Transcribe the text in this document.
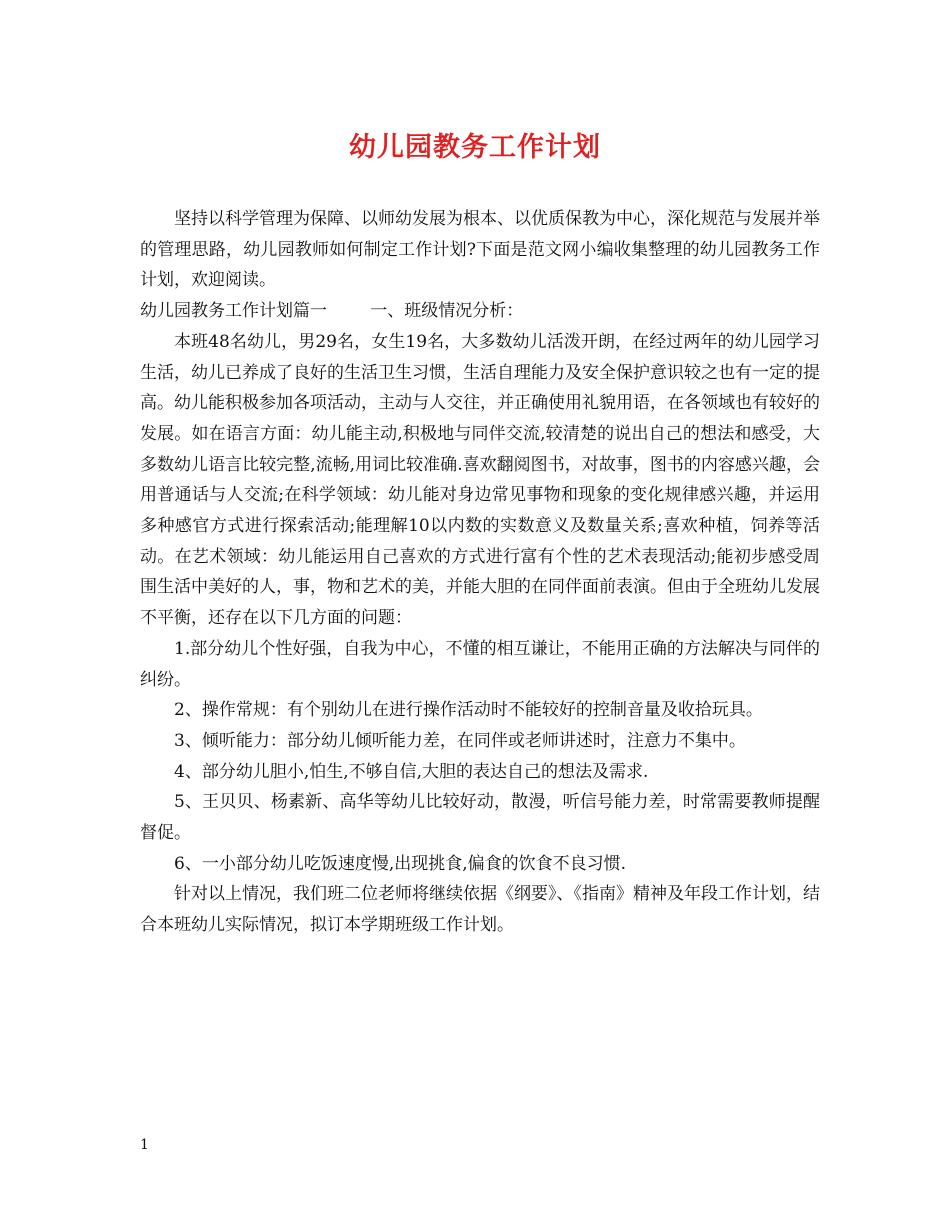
幼儿园教务工作计划

坚持以科学管理为保障、以师幼发展为根本、以优质保教为中心，深化规范与发展并举的管理思路，幼儿园教师如何制定工作计划?下面是范文网小编收集整理的幼儿园教务工作计划，欢迎阅读。

幼儿园教务工作计划篇一	一、班级情况分析：

本班48名幼儿，男29名，女生19名，大多数幼儿活泼开朗，在经过两年的幼儿园学习生活，幼儿已养成了良好的生活卫生习惯，生活自理能力及安全保护意识较之也有一定的提高。幼儿能积极参加各项活动，主动与人交往，并正确使用礼貌用语，在各领域也有较好的发展。如在语言方面：幼儿能主动,积极地与同伴交流,较清楚的说出自己的想法和感受，大多数幼儿语言比较完整,流畅,用词比较准确.喜欢翻阅图书，对故事，图书的内容感兴趣，会用普通话与人交流;在科学领域：幼儿能对身边常见事物和现象的变化规律感兴趣，并运用多种感官方式进行探索活动;能理解10以内数的实数意义及数量关系;喜欢种植，饲养等活动。在艺术领域：幼儿能运用自己喜欢的方式进行富有个性的艺术表现活动;能初步感受周围生活中美好的人，事，物和艺术的美，并能大胆的在同伴面前表演。但由于全班幼儿发展不平衡，还存在以下几方面的问题：

1.部分幼儿个性好强，自我为中心，不懂的相互谦让，不能用正确的方法解决与同伴的纠纷。

2、操作常规：有个别幼儿在进行操作活动时不能较好的控制音量及收拾玩具。

3、倾听能力：部分幼儿倾听能力差，在同伴或老师讲述时，注意力不集中。

4、部分幼儿胆小,怕生,不够自信,大胆的表达自己的想法及需求.

5、王贝贝、杨素新、高华等幼儿比较好动，散漫，听信号能力差，时常需要教师提醒督促。

6、一小部分幼儿吃饭速度慢,出现挑食,偏食的饮食不良习惯.

针对以上情况，我们班二位老师将继续依据《纲要》、《指南》精神及年段工作计划，结合本班幼儿实际情况，拟订本学期班级工作计划。

1
